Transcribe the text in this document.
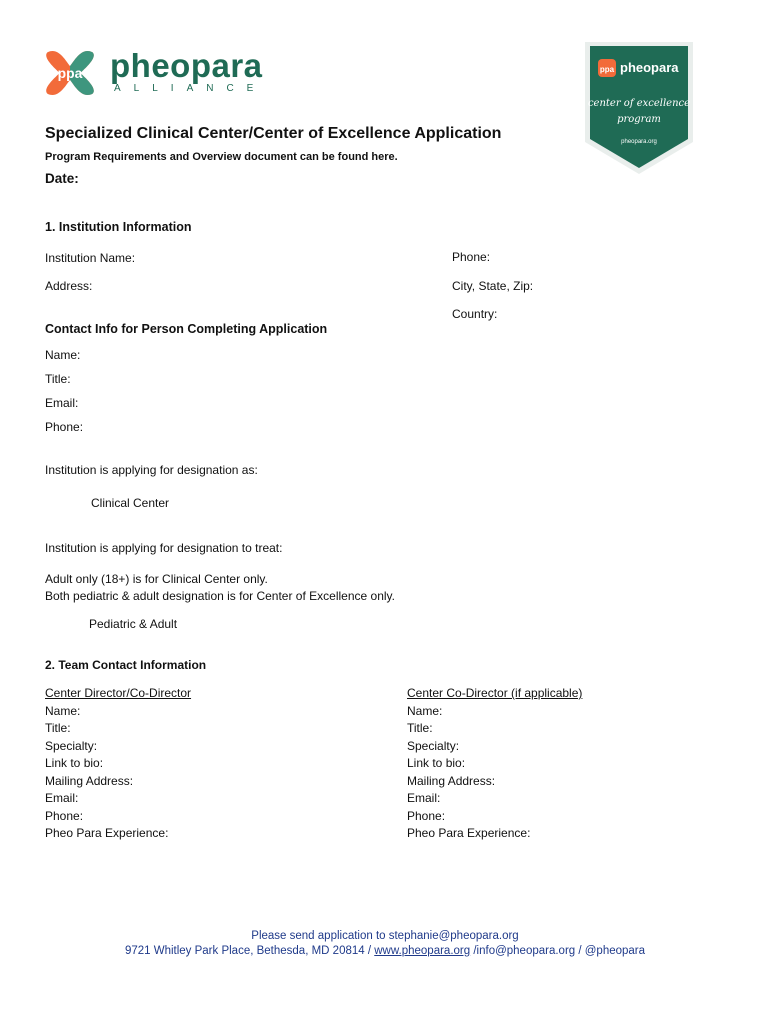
ppa pheopara
ALLIANCE
ppa pheopara
center of excellence
program
pheopara.org
Specialized Clinical Center/Center of Excellence Application
Program Requirements and Overview document can be found here.
Date:
1. Institution Information
Institution Name:	Phone:
Address:	City, State, Zip:
Country:
Contact Info for Person Completing Application
Name:
Title:
Email:
Phone:
Institution is applying for designation as:
Clinical Center
Institution is applying for designation to treat:
Adult only (18+) is for Clinical Center only.
Both pediatric & adult designation is for Center of Excellence only.
Pediatric & Adult
2. Team Contact Information
Center Director/Co-Director
Name:
Title:
Specialty:
Link to bio:
Mailing Address:
Email:
Phone:
Pheo Para Experience:
Center Co-Director (if applicable)
Name:
Title:
Specialty:
Link to bio:
Mailing Address:
Email:
Phone:
Pheo Para Experience:
Please send application to stephanie@pheopara.org
9721 Whitley Park Place, Bethesda, MD 20814 / www.pheopara.org /info@pheopara.org / @pheopara
